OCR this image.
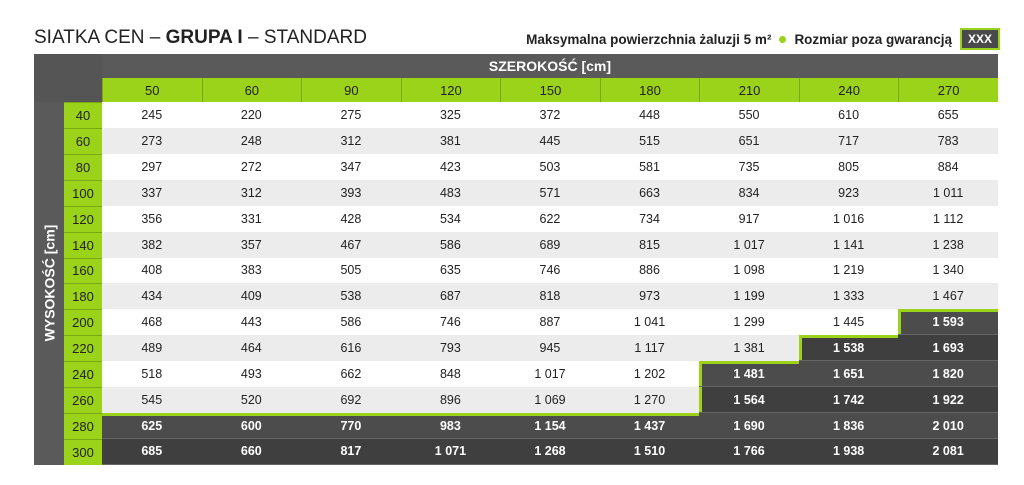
SIATKA CEN – GRUPA I – STANDARD	Maksymalna powierzchnia żaluzji 5 m² Rozmiar poza gwarancją	XXX
SZEROKOŚĆ [cm]
WYSOKOŚĆ [cm]
50	60	90	120	150	180	210	240	270
40	245	220	275	325	372	448	550	610	655
60	273	248	312	381	445	515	651	717	783
80	297	272	347	423	503	581	735	805	884
100	337	312	393	483	571	663	834	923	1 011
120	356	331	428	534	622	734	917	1 016	1 112
140	382	357	467	586	689	815	1 017	1 141	1 238
160	408	383	505	635	746	886	1 098	1 219	1 340
180	434	409	538	687	818	973	1 199	1 333	1 467
200	468	443	586	746	887	1 041	1 299	1 445	1 593
220	489	464	616	793	945	1 117	1 381	1 538	1 693
240	518	493	662	848	1 017	1 202	1 481	1 651	1 820
260	545	520	692	896	1 069	1 270	1 564	1 742	1 922
280	625	600	770	983	1 154	1 437	1 690	1 836	2 010
300	685	660	817	1 071	1 268	1 510	1 766	1 938	2 081
